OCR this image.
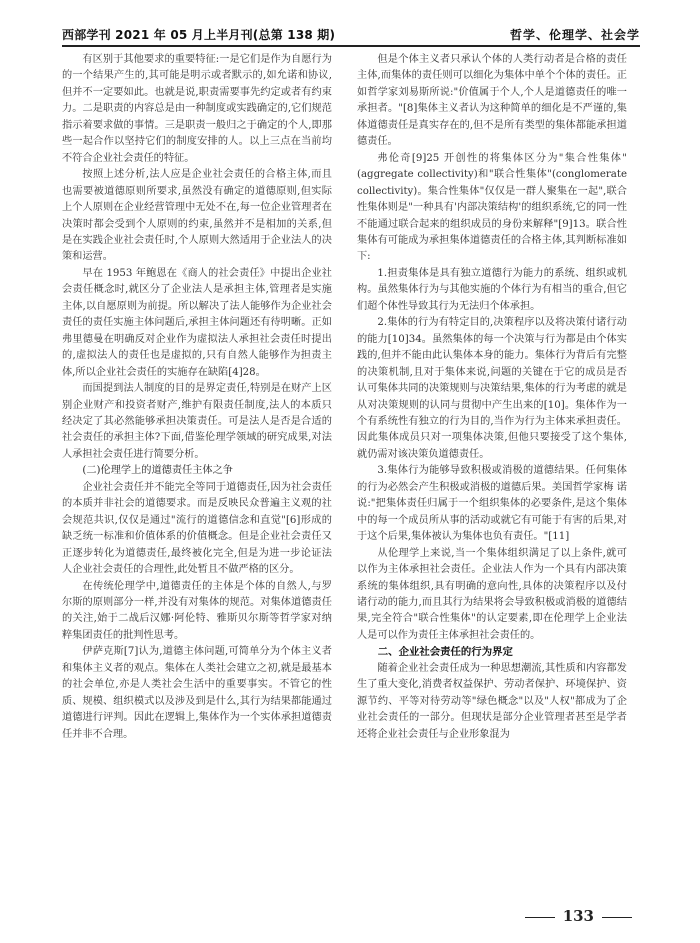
西部学刊 2021 年 05 月上半月刊(总第 138 期)	哲学、伦理学、社会学

有区别于其他要求的重要特征:一是它们是作为自愿行为的一个结果产生的,其可能是明示或者默示的,如允诺和协议,但并不一定要如此。也就是说,职责需要事先约定或者有约束力。二是职责的内容总是由一种制度或实践确定的,它们规范指示着要求做的事情。三是职责一般归之于确定的个人,即那些一起合作以坚持它们的制度安排的人。以上三点在当前均不符合企业社会责任的特征。

按照上述分析,法人应是企业社会责任的合格主体,而且也需要被道德原则所要求,虽然没有确定的道德原则,但实际上个人原则在企业经营管理中无处不在,每一位企业管理者在决策时都会受到个人原则的约束,虽然并不是相加的关系,但是在实践企业社会责任时,个人原则大然适用于企业法人的决策和运营。

早在 1953 年鲍恩在《商人的社会责任》中提出企业社会责任概念时,就区分了企业法人是承担主体,管理者是实施主体,以自愿原则为前提。所以解决了法人能够作为企业社会责任的责任实施主体问题后,承担主体问题还有待明晰。正如弗里德曼在明确反对企业作为虚拟法人承担社会责任时提出的,虚拟法人的责任也是虚拟的,只有自然人能够作为担责主体,所以企业社会责任的实施存在缺陷[4]28。

而国提到法人制度的目的是界定责任,特别是在财产上区别企业财产和投资者财产,维护有限责任制度,法人的本质只经决定了其必然能够承担决策责任。可是法人是否是合适的社会责任的承担主体?下面,借鉴伦理学领域的研究成果,对法人承担社会责任进行简要分析。

(二)伦理学上的道德责任主体之争

企业社会责任并不能完全等同于道德责任,因为社会责任的本质并非社会的道德要求。而是反映民众普遍主义观的社会规范共识,仅仅是通过"流行的道德信念和直觉"[6]形成的缺乏统一标准和价值体系的价值概念。但是企业社会责任又正逐步转化为道德责任,最终被化完全,但是为进一步论证法人企业社会责任的合理性,此处暂且不做严格的区分。

在传统伦理学中,道德责任的主体是个体的自然人,与罗尔斯的原则部分一样,并没有对集体的规范。对集体道德责任的关注,始于二战后汉娜·阿伦特、雅斯贝尔斯等哲学家对纳粹集团责任的批判性思考。

伊萨克斯[7]认为,道德主体问题,可简单分为个体主义者和集体主义者的观点。集体在人类社会建立之初,就是最基本的社会单位,亦是人类社会生活中的重要事实。不管它的性质、规模、组织模式以及涉及到是什么,其行为结果都能通过道德进行评判。因此在逻辑上,集体作为一个实体承担道德责任并非不合理。

但是个体主义者只承认个体的人类行动者是合格的责任主体,而集体的责任则可以细化为集体中单个个体的责任。正如哲学家刘易斯所说:"价值属于个人,个人是道德责任的唯一承担者。"[8]集体主义者认为这种简单的细化是不严谨的,集体道德责任是真实存在的,但不是所有类型的集体都能承担道德责任。

弗伦奇[9]25 开创性的将集体区分为"集合性集体"(aggregate collectivity)和"联合性集体"(conglomerate collectivity)。集合性集体"仅仅是一群人聚集在一起",联合性集体则是"一种具有'内部决策结构'的组织系统,它的同一性不能通过联合起来的组织成员的身份来解释"[9]13。联合性集体有可能成为承担集体道德责任的合格主体,其判断标准如下:

1.担责集体是具有独立道德行为能力的系统、组织或机构。虽然集体行为与其他实施的个体行为有相当的重合,但它们超个体性导致其行为无法归个体承担。

2.集体的行为有特定目的,决策程序以及将决策付诸行动的能力[10]34。虽然集体的每一个决策与行为都是由个体实践的,但并不能由此认集体本身的能力。集体行为背后有完整的决策机制,且对于集体来说,问题的关键在于它的成员是否认可集体共同的决策规则与决策结果,集体的行为考虑的就是从对决策规则的认同与贯彻中产生出来的[10]。集体作为一个有系统性有独立的行为目的,当作为行为主体来承担责任。因此集体成员只对一项集体决策,但他只要接受了这个集体,就仍需对该决策负道德责任。

3.集体行为能够导致积极或消极的道德结果。任何集体的行为必然会产生积极或消极的道德后果。美国哲学家梅 诺说:"把集体责任归属于一个组织集体的必要条件,是这个集体中的每一个成员所从事的活动或就它有可能于有害的后果,对于这个后果,集体被认为集体也负有责任。"[11]

从伦理学上来说,当一个集体组织满足了以上条件,就可以作为主体承担社会责任。企业法人作为一个具有内部决策系统的集体组织,具有明确的意向性,具体的决策程序以及付诸行动的能力,而且其行为结果将会导致积极或消极的道德结果,完全符合"联合性集体"的认定要素,即在伦理学上企业法人是可以作为责任主体承担社会责任的。

二、企业社会责任的行为界定

随着企业社会责任成为一种思想潮流,其性质和内容都发生了重大变化,消费者权益保护、劳动者保护、环境保护、资源节约、平等对待劳动等"绿色概念"以及"人权"都成为了企业社会责任的一部分。但现状是部分企业管理者甚至是学者还将企业社会责任与企业形象混为

133
